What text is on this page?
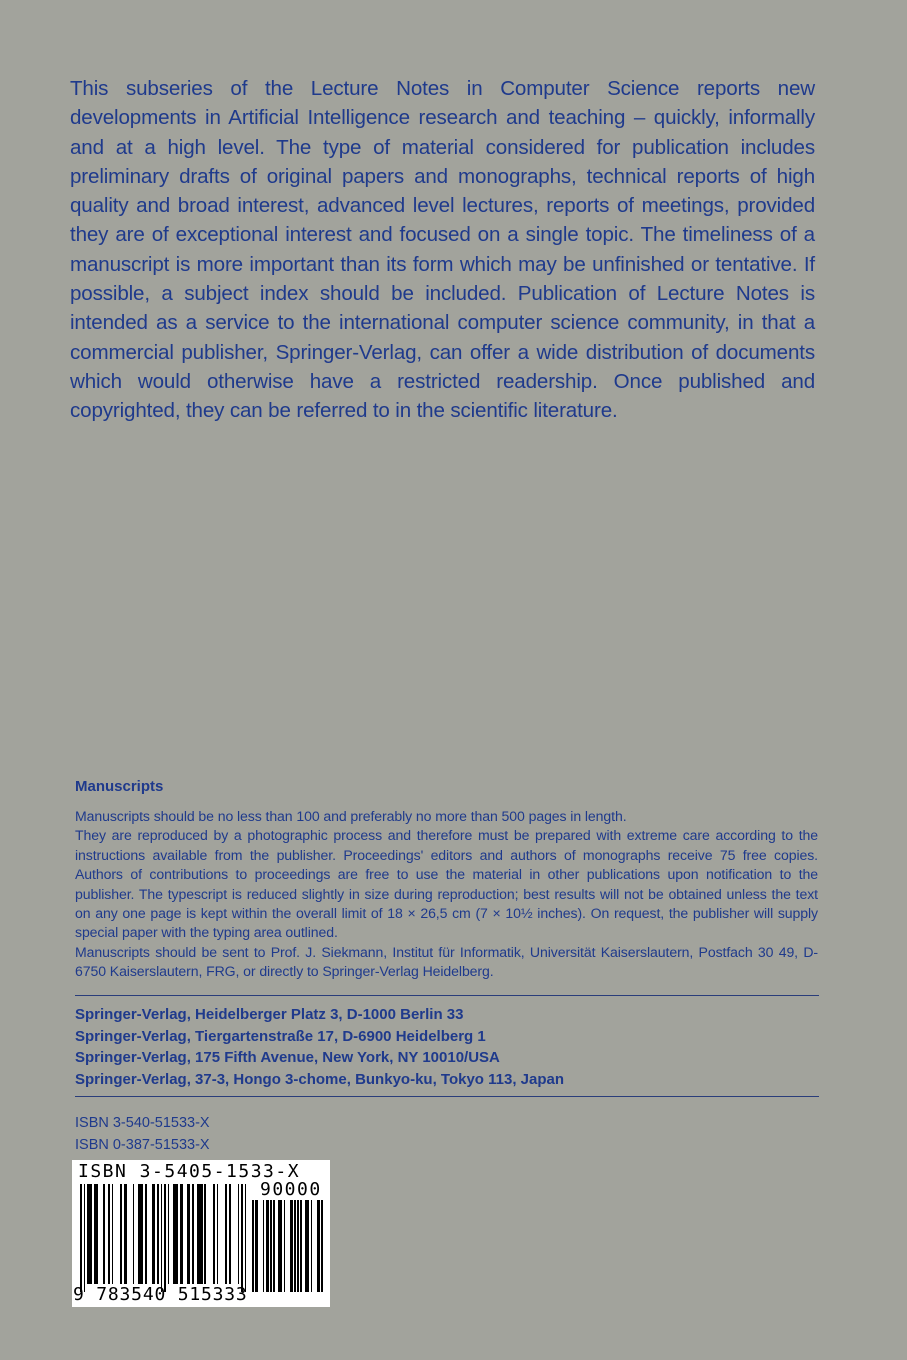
This subseries of the Lecture Notes in Computer Science reports new developments in Artificial Intelligence research and teaching – quickly, informally and at a high level. The type of material considered for publication includes preliminary drafts of original papers and monographs, technical reports of high quality and broad interest, advanced level lectures, reports of meetings, provided they are of exceptional interest and focused on a single topic. The timeliness of a manuscript is more important than its form which may be unfinished or tentative. If possible, a subject index should be included. Publication of Lecture Notes is intended as a service to the international computer science community, in that a commercial publisher, Springer-Verlag, can offer a wide distribution of documents which would otherwise have a restricted readership. Once published and copyrighted, they can be referred to in the scientific literature.
Manuscripts

Manuscripts should be no less than 100 and preferably no more than 500 pages in length.

They are reproduced by a photographic process and therefore must be prepared with extreme care according to the instructions available from the publisher. Proceedings' editors and authors of monographs receive 75 free copies. Authors of contributions to proceedings are free to use the material in other publications upon notification to the publisher. The typescript is reduced slightly in size during reproduction; best results will not be obtained unless the text on any one page is kept within the overall limit of 18 × 26,5 cm (7 × 10½ inches). On request, the publisher will supply special paper with the typing area outlined.

Manuscripts should be sent to Prof. J. Siekmann, Institut für Informatik, Universität Kaiserslautern, Postfach 30 49, D-6750 Kaiserslautern, FRG, or directly to Springer-Verlag Heidelberg.

Springer-Verlag, Heidelberger Platz 3, D-1000 Berlin 33
Springer-Verlag, Tiergartenstraße 17, D-6900 Heidelberg 1
Springer-Verlag, 175 Fifth Avenue, New York, NY 10010/USA
Springer-Verlag, 37-3, Hongo 3-chome, Bunkyo-ku, Tokyo 113, Japan
ISBN 3-540-51533-X
ISBN 0-387-51533-X
ISBN 3-5405-1533-X
90000
9 783540 515333
